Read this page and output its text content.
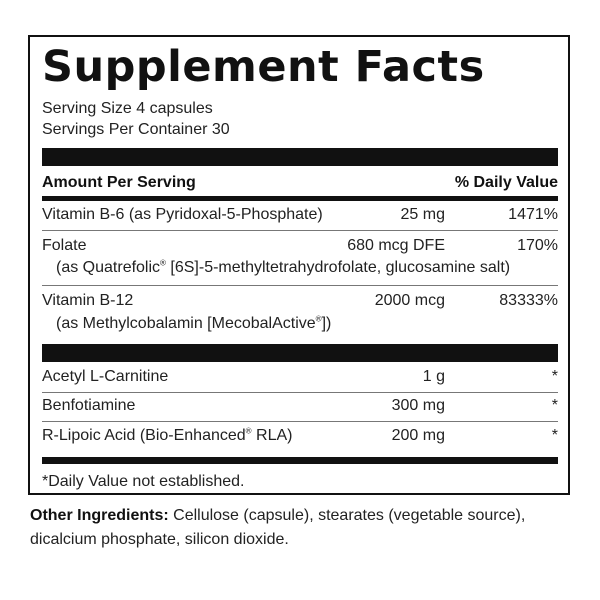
Supplement Facts
Serving Size 4 capsules
Servings Per Container 30
Amount Per Serving	% Daily Value
Vitamin B-6 (as Pyridoxal-5-Phosphate)	25 mg	1471%
Folate	680 mcg DFE	170%
(as Quatrefolic® [6S]-5-methyltetrahydrofolate, glucosamine salt)
Vitamin B-12	2000 mcg	83333%
(as Methylcobalamin [MecobalActive®])
Acetyl L-Carnitine	1 g	*
Benfotiamine	300 mg	*
R-Lipoic Acid (Bio-Enhanced® RLA)	200 mg	*
*Daily Value not established.
Other Ingredients: Cellulose (capsule), stearates (vegetable source), dicalcium phosphate, silicon dioxide.
